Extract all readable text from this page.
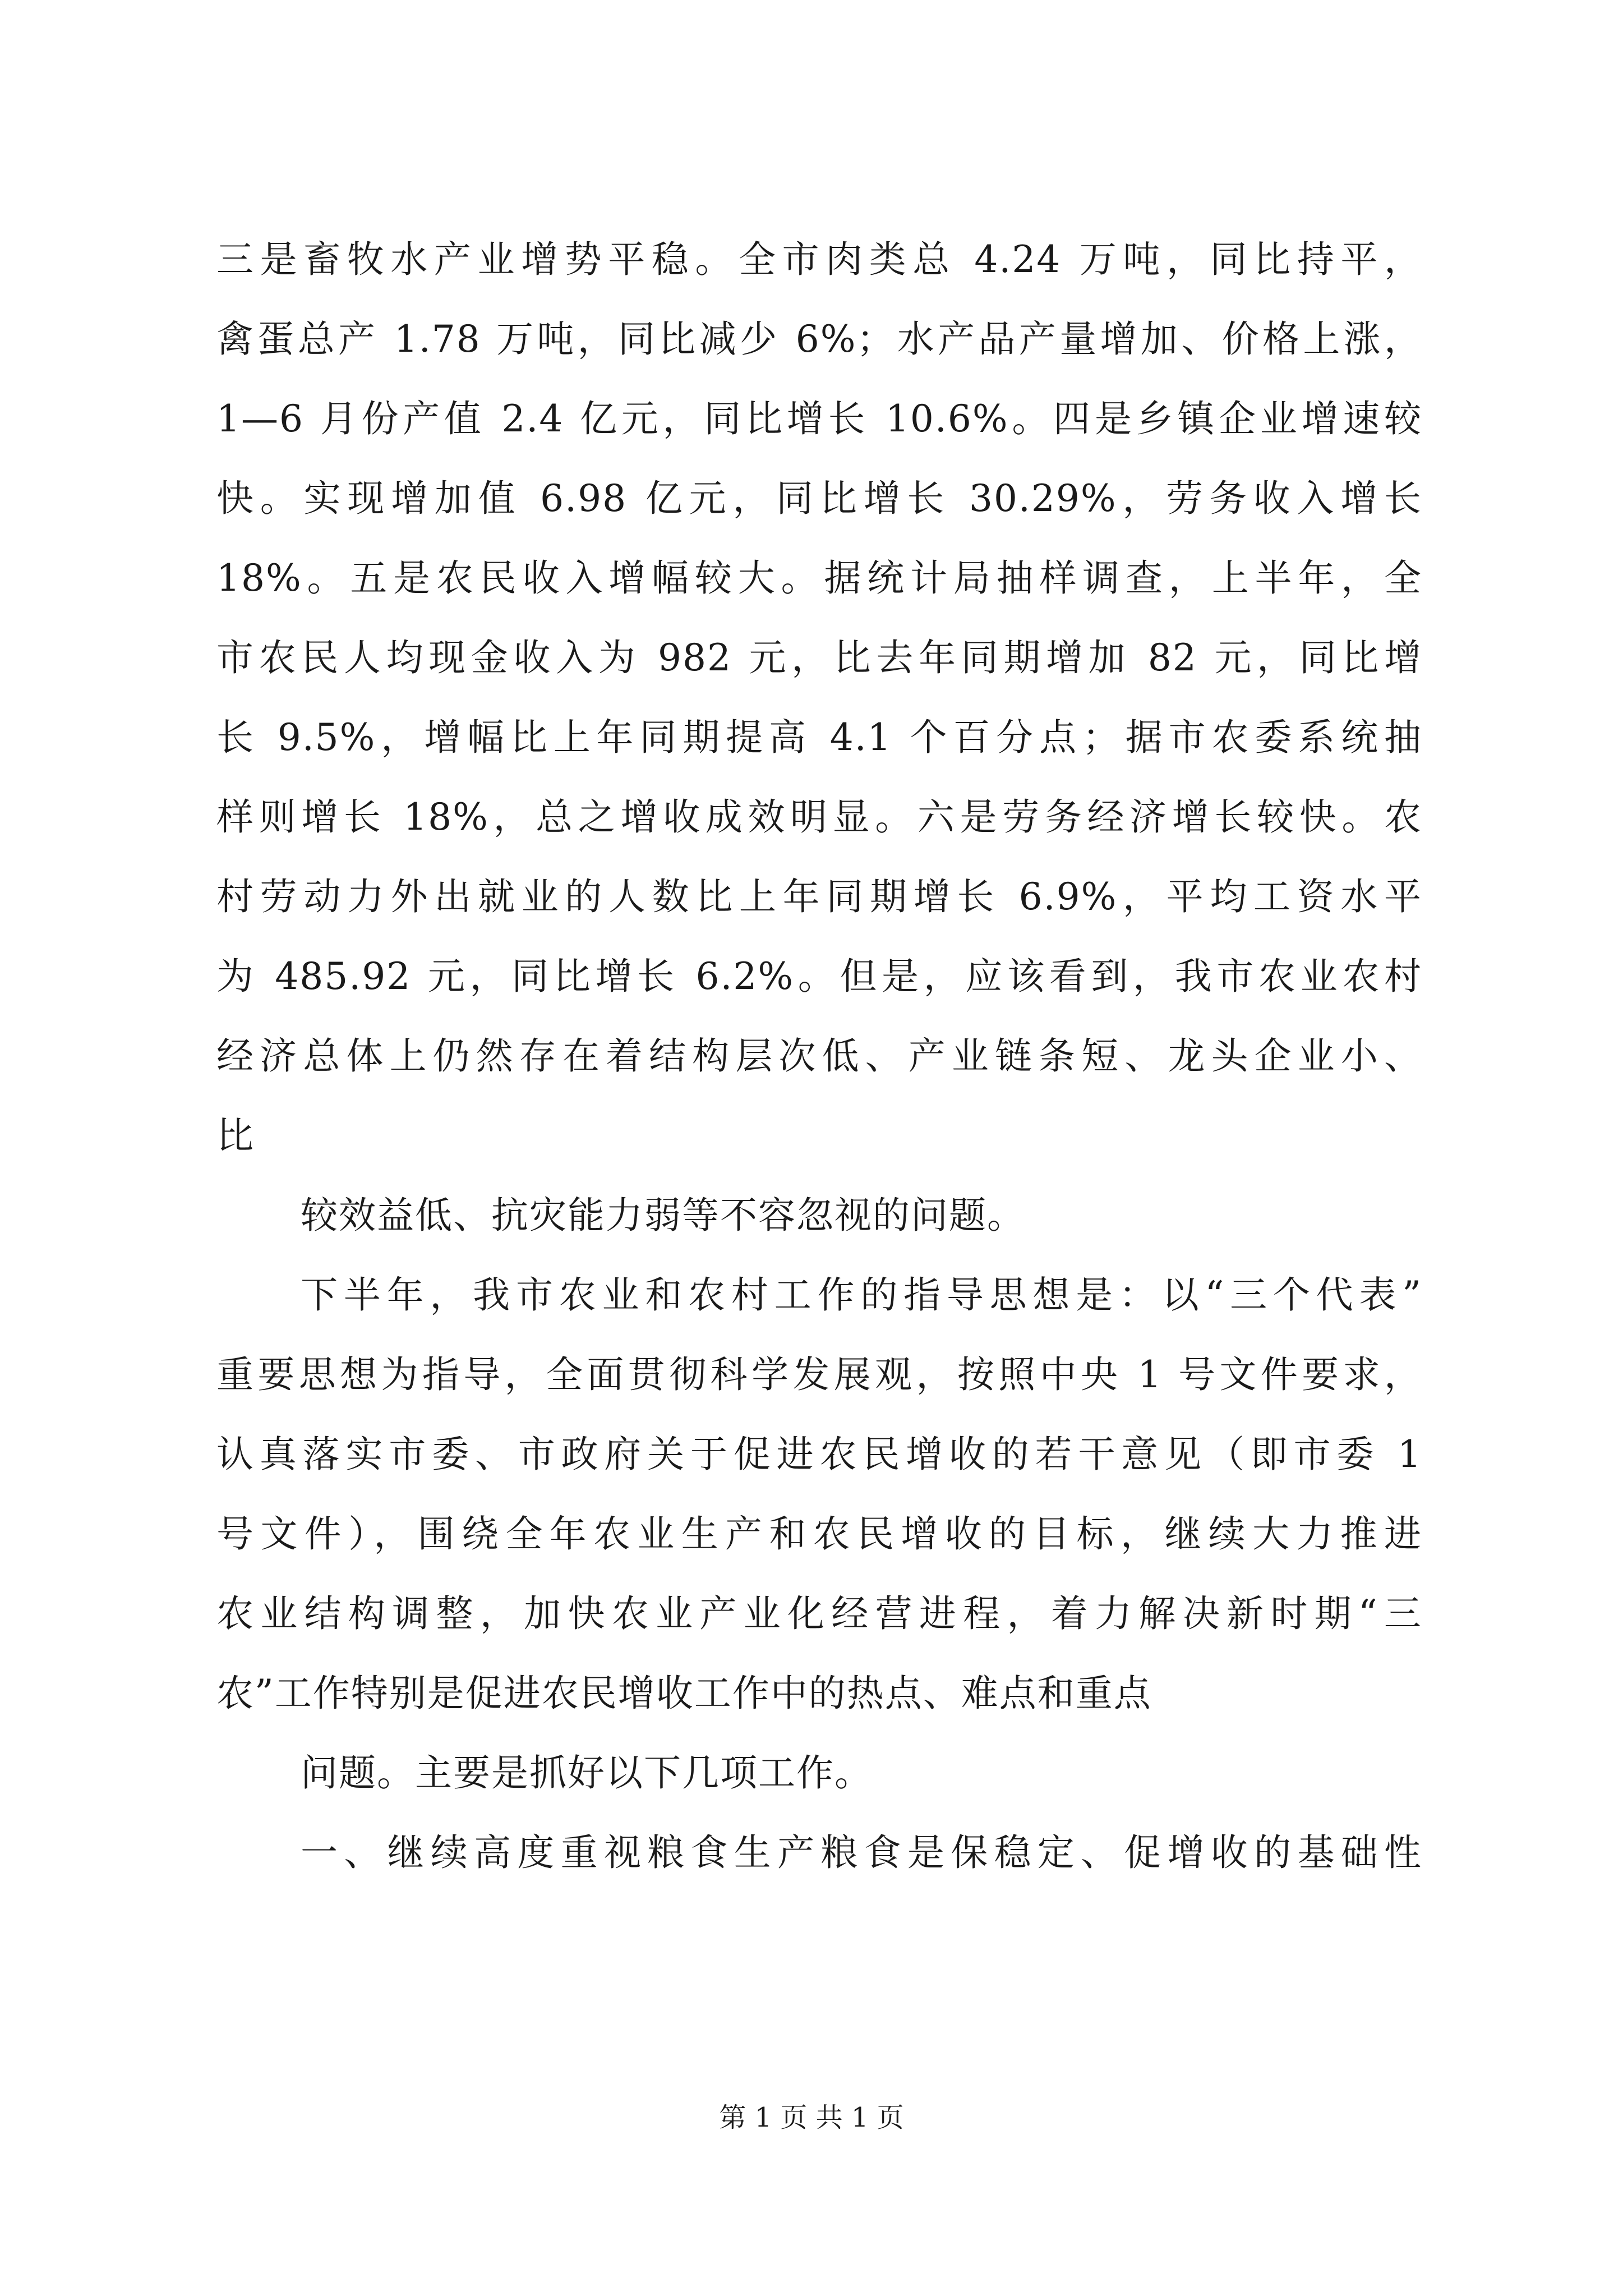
三是畜牧水产业增势平稳。全市肉类总 4.24 万吨，同比持平，
禽蛋总产 1.78 万吨，同比减少 6%；水产品产量增加、价格上涨，
1—6 月份产值 2.4 亿元，同比增长 10.6%。四是乡镇企业增速较
快。实现增加值 6.98 亿元，同比增长 30.29%，劳务收入增长
18%。五是农民收入增幅较大。据统计局抽样调查，上半年，全
市农民人均现金收入为 982 元，比去年同期增加 82 元，同比增
长 9.5%，增幅比上年同期提高 4.1 个百分点；据市农委系统抽
样则增长 18%，总之增收成效明显。六是劳务经济增长较快。农
村劳动力外出就业的人数比上年同期增长 6.9%，平均工资水平
为 485.92 元，同比增长 6.2%。但是，应该看到，我市农业农村
经济总体上仍然存在着结构层次低、产业链条短、龙头企业小、
比
较效益低、抗灾能力弱等不容忽视的问题。
下半年，我市农业和农村工作的指导思想是：以“三个代表”
重要思想为指导，全面贯彻科学发展观，按照中央 1 号文件要求，
认真落实市委、市政府关于促进农民增收的若干意见（即市委 1
号文件），围绕全年农业生产和农民增收的目标，继续大力推进
农业结构调整，加快农业产业化经营进程，着力解决新时期“三
农”工作特别是促进农民增收工作中的热点、难点和重点
问题。主要是抓好以下几项工作。
一、继续高度重视粮食生产粮食是保稳定、促增收的基础性
第 1 页 共 1 页
